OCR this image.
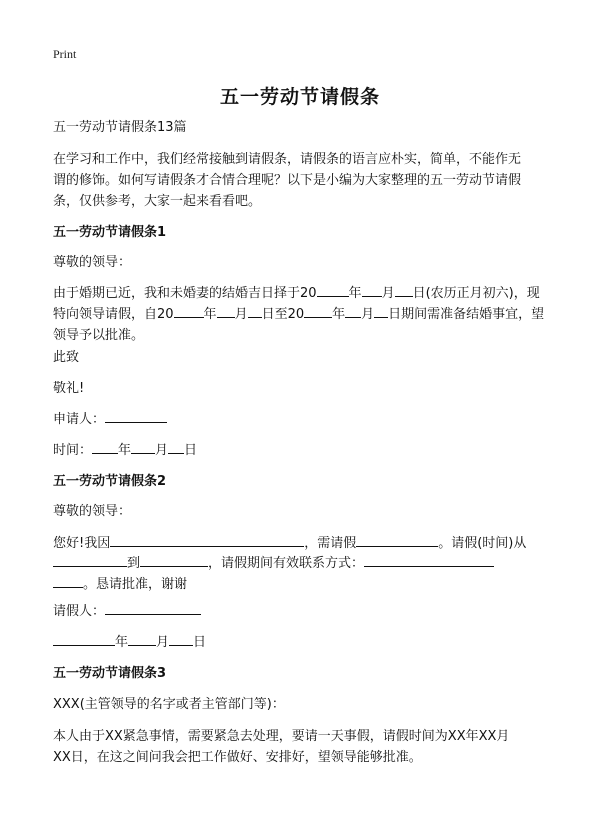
Print
五一劳动节请假条
五一劳动节请假条13篇
在学习和工作中，我们经常接触到请假条，请假条的语言应朴实，简单，不能作无
谓的修饰。如何写请假条才合情合理呢？以下是小编为大家整理的五一劳动节请假
条，仅供参考，大家一起来看看吧。
五一劳动节请假条1
尊敬的领导：
由于婚期已近，我和未婚妻的结婚吉日择于20 年 月 日(农历正月初六)，现
特向领导请假，自20 年 月 日至20 年 月 日期间需准备结婚事宜，望
领导予以批准。
此致
敬礼!
申请人：
时间： 年 月 日
五一劳动节请假条2
尊敬的领导：
您好!我因	，需请假	。请假(时间)从
到	，请假期间有效联系方式：
。恳请批准，谢谢
请假人：
年 月 日
五一劳动节请假条3
XXX(主管领导的名字或者主管部门等)：
本人由于XX紧急事情，需要紧急去处理，要请一天事假，请假时间为XX年XX月
XX日，在这之间问我会把工作做好、安排好，望领导能够批准。
